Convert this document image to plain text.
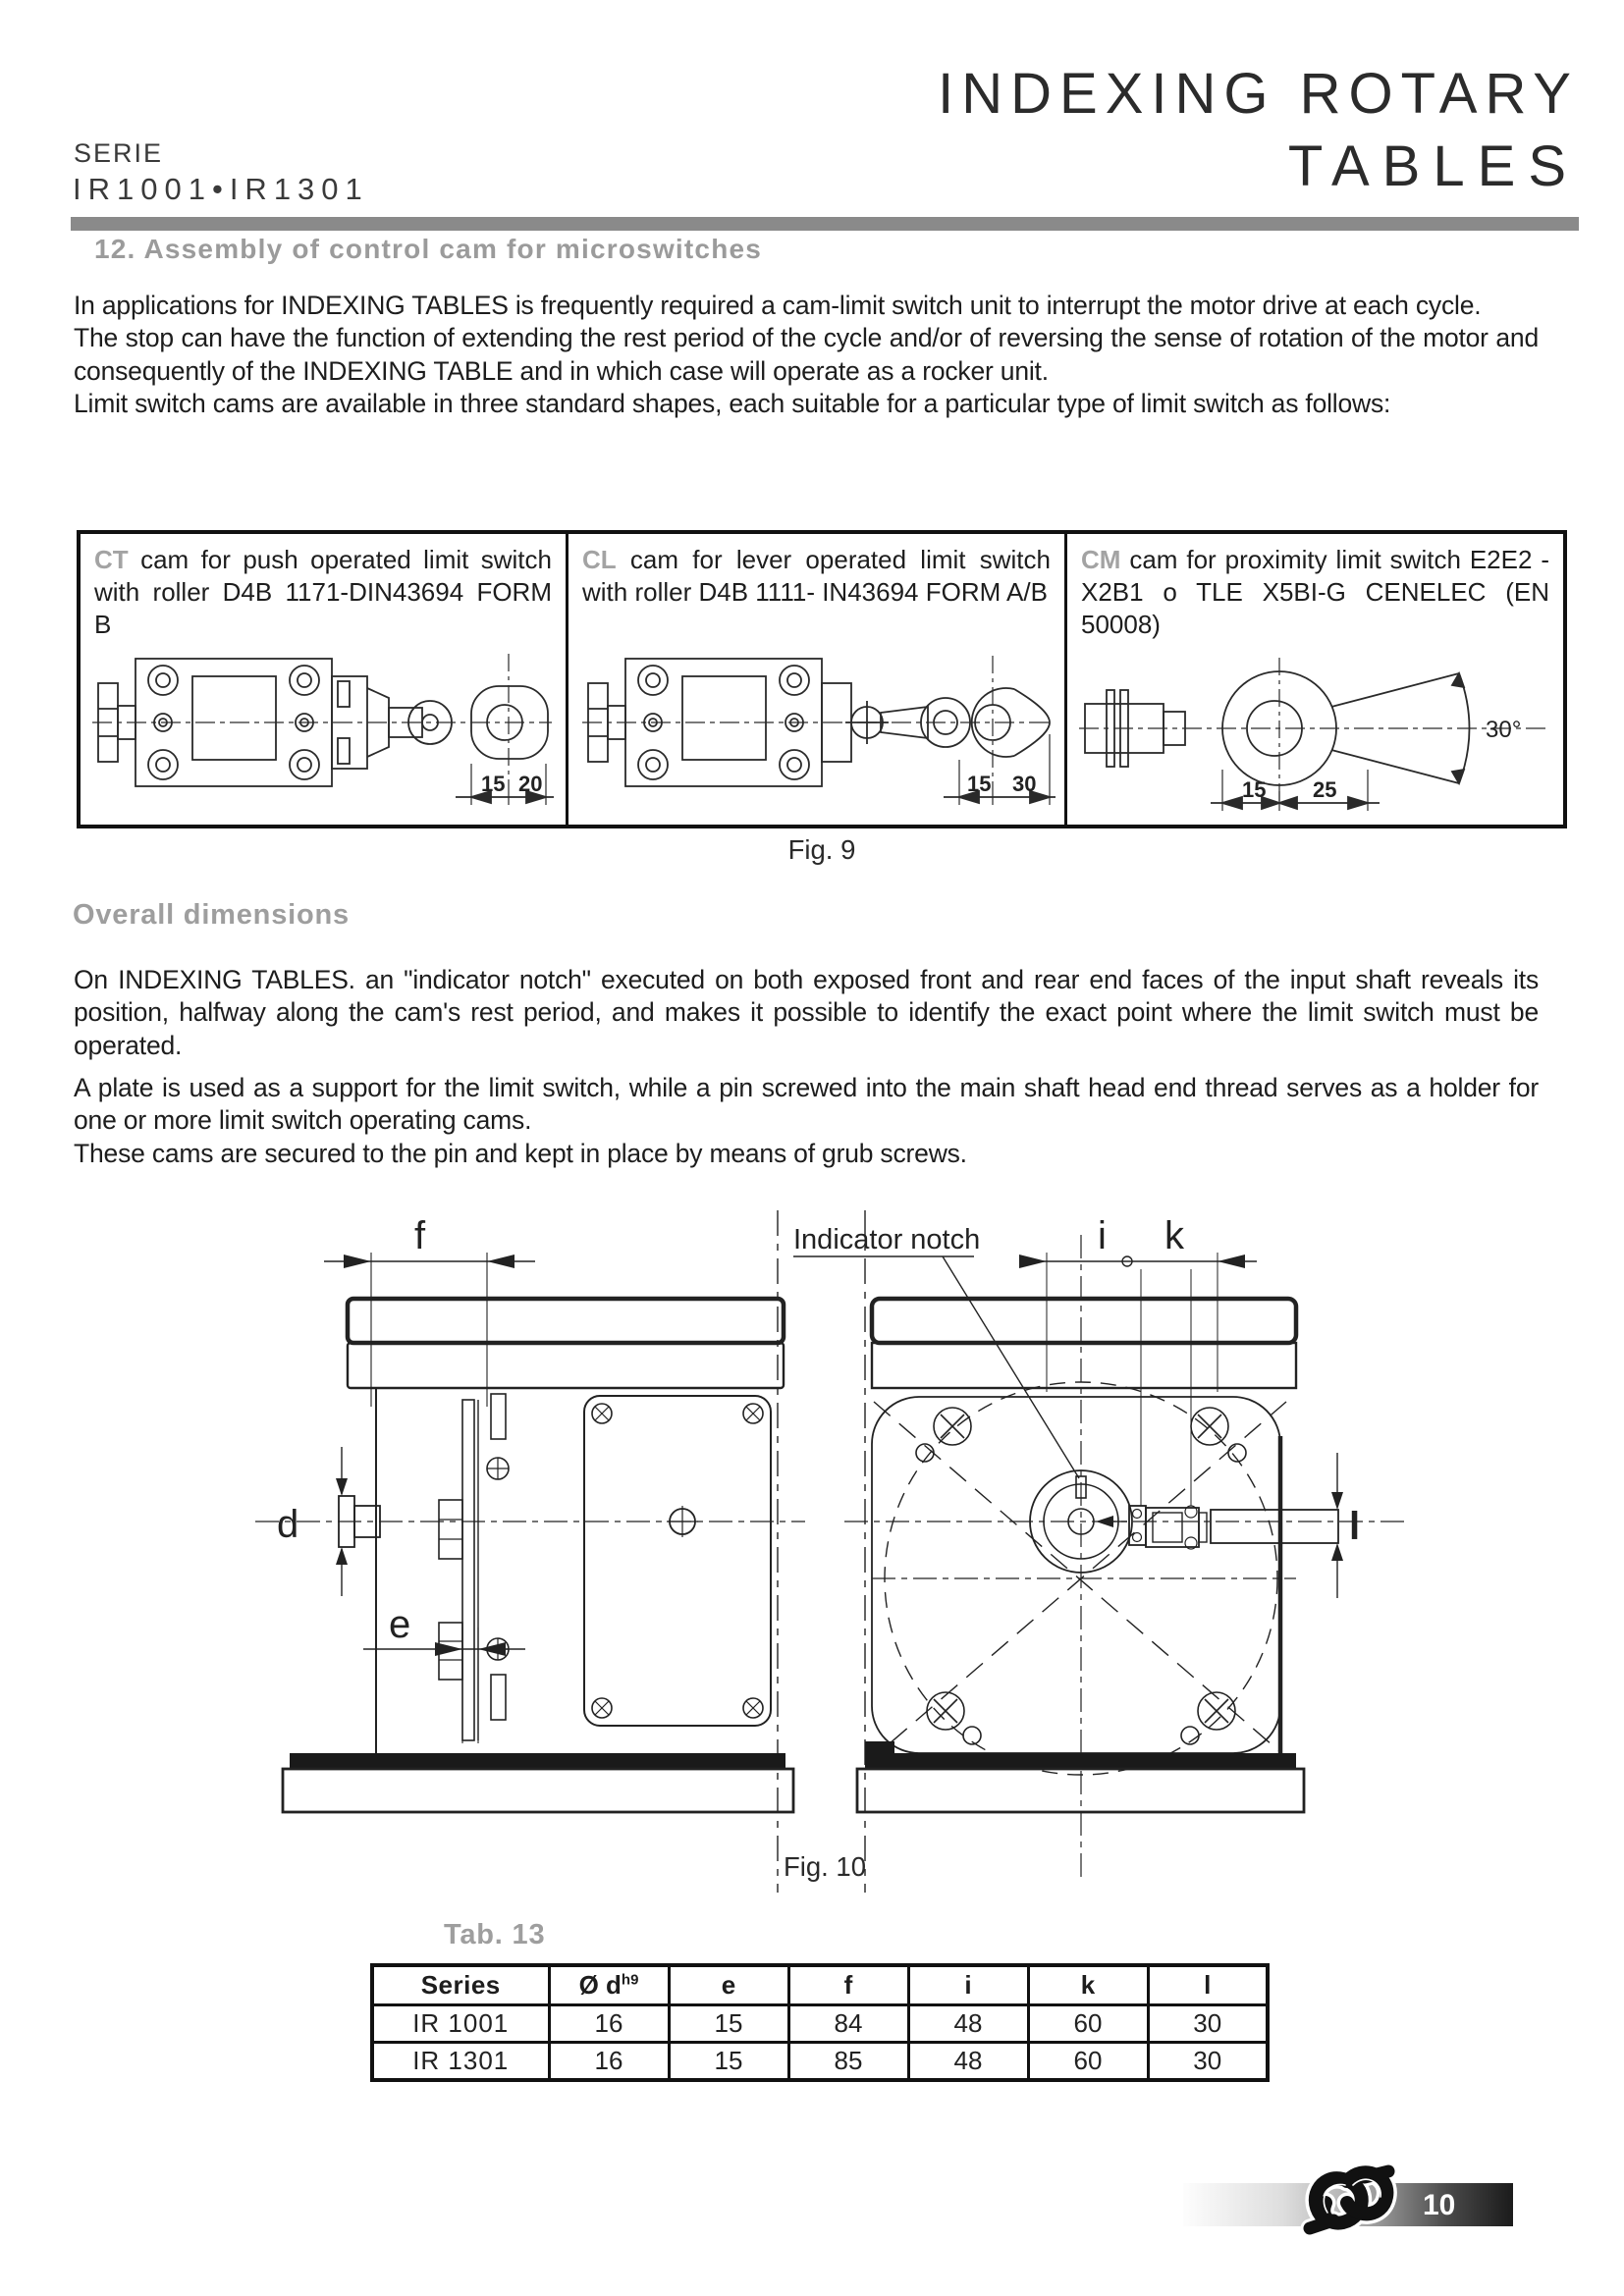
SERIE
IR1001•IR1301
INDEXING ROTARY
TABLES
12. Assembly of control cam for microswitches

In applications for INDEXING TABLES is frequently required a cam-limit switch unit to interrupt the motor drive at each cycle.

The stop can have the function of extending the rest period of the cycle and/or of reversing the sense of rotation of the motor and consequently of the INDEXING TABLE and in which case will operate as a rocker unit.

Limit switch cams are available in three standard shapes, each suitable for a particular type of limit switch as follows:

CT cam for push operated limit switch with roller D4B 1171-DIN43694 FORM B
15 20
CL cam for lever operated limit switch with roller D4B 1111- IN43694 FORM A/B
15 30
CM cam for proximity limit switch E2E2 - X2B1 o TLE X5BI-G CENELEC (EN 50008)
15 25
30°
Fig. 9
Overall dimensions

On INDEXING TABLES. an "indicator notch" executed on both exposed front and rear end faces of the input shaft reveals its position, halfway along the cam's rest period, and makes it possible to identify the exact point where the limit switch must be operated.

A plate is used as a support for the limit switch, while a pin screwed into the main shaft head end thread serves as a holder for one or more limit switch operating cams.

These cams are secured to the pin and kept in place by means of grub screws.

f
d
e
i k
l
Indicator notch
Fig. 10
Tab. 13
Series	Ø $d^{h9}$	e	f	i	k	l
IR 1001	16	15	84	48	60	30
IR 1301	16	15	85	48	60	30
10
